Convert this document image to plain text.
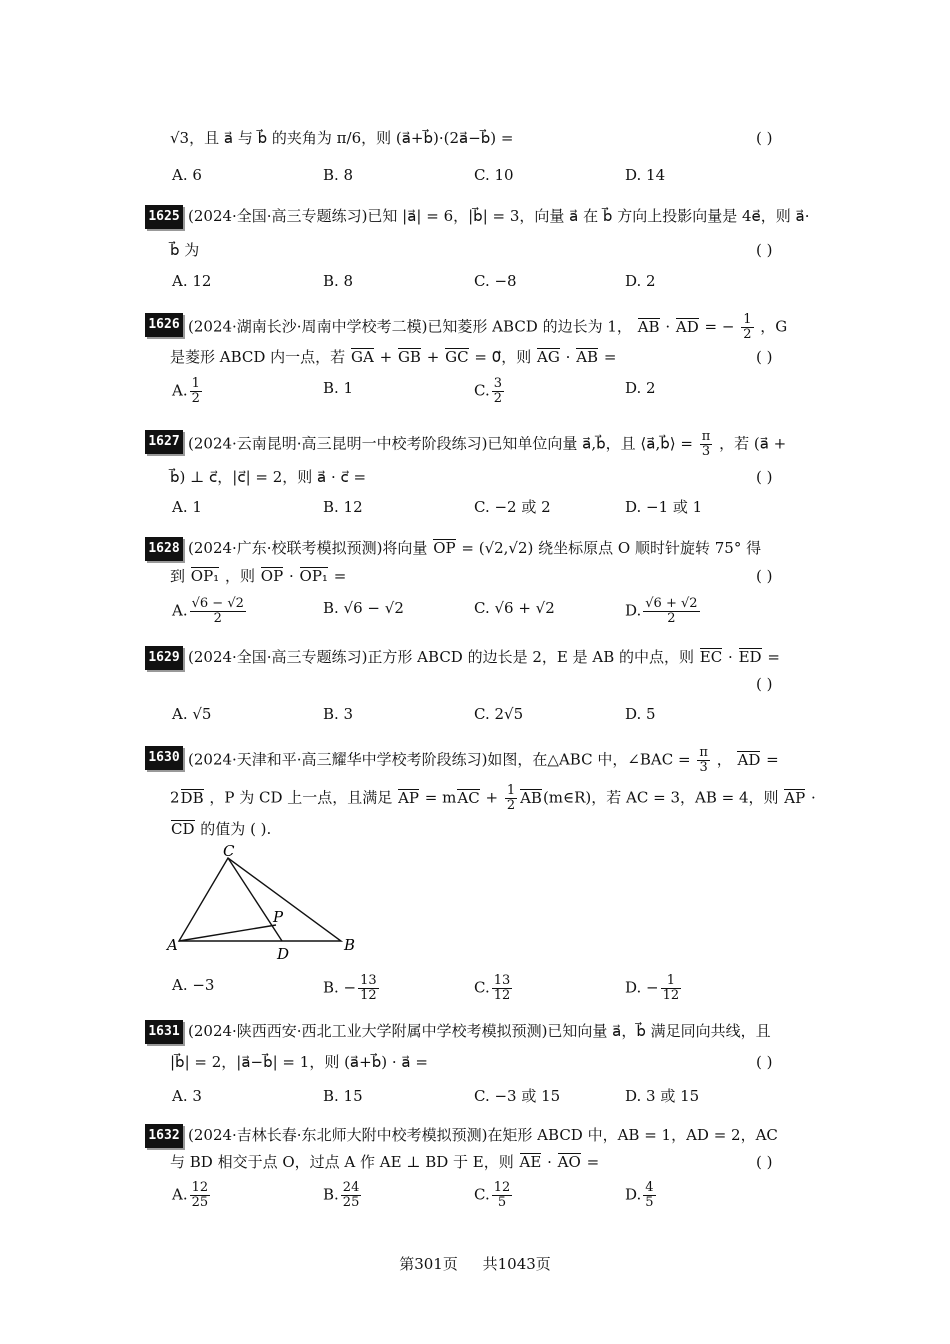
√3，且 a⃗ 与 b⃗ 的夹角为 π/6，则 (a⃗+b⃗)·(2a⃗−b⃗) =	( )
A. 6	B. 8	C. 10	D. 14
1625 (2024·全国·高三专题练习)已知 |a⃗| = 6，|b⃗| = 3，向量 a⃗ 在 b⃗ 方向上投影向量是 4e⃗，则 a⃗·
b⃗ 为	( )
A. 12	B. 8	C. −8	D. 2
1626 (2024·湖南长沙·周南中学校考二模)已知菱形 ABCD 的边长为 1， AB · AD = − $\frac{1}{2}$ ，G
是菱形 ABCD 内一点，若 GA + GB + GC = 0⃗，则 AG · AB =	( )
A. $\frac{1}{2}$	B. 1	C. $\frac{3}{2}$	D. 2
1627 (2024·云南昆明·高三昆明一中校考阶段练习)已知单位向量 a⃗,b⃗，且 ⟨a⃗,b⃗⟩ = $\frac{\pi}{3}$ ，若 (a⃗ +
b⃗) ⊥ c⃗，|c⃗| = 2，则 a⃗ · c⃗ =	( )
A. 1	B. 12	C. −2 或 2	D. −1 或 1
1628 (2024·广东·校联考模拟预测)将向量 OP = (√2,√2) 绕坐标原点 O 顺时针旋转 75° 得
到 OP₁ ，则 OP · OP₁ =	( )
A. $\frac{√6 - √2}{2}$	B. √6 − √2	C. √6 + √2	D. $\frac{√6 + √2}{2}$
1629 (2024·全国·高三专题练习)正方形 ABCD 的边长是 2，E 是 AB 的中点，则 EC · ED =
( )
A. √5	B. 3	C. 2√5	D. 5
1630 (2024·天津和平·高三耀华中学校考阶段练习)如图，在△ABC 中，∠BAC = $\frac{\pi}{3}$ ， AD =
2DB ，P 为 CD 上一点，且满足 AP = mAC + $\frac{1}{2}$ AB(m∈R)，若 AC = 3，AB = 4，则 AP ·
CD 的值为 ( ).
C
P
A	D	B
A. −3	B. − $\frac{13}{12}$	C. $\frac{13}{12}$	D. − $\frac{1}{12}$
1631 (2024·陕西西安·西北工业大学附属中学校考模拟预测)已知向量 a⃗，b⃗ 满足同向共线，且
|b⃗| = 2，|a⃗−b⃗| = 1，则 (a⃗+b⃗) · a⃗ =	( )
A. 3	B. 15	C. −3 或 15	D. 3 或 15
1632 (2024·吉林长春·东北师大附中校考模拟预测)在矩形 ABCD 中，AB = 1，AD = 2，AC
与 BD 相交于点 O，过点 A 作 AE ⊥ BD 于 E，则 AE · AO =	( )
A. $\frac{12}{25}$	B. $\frac{24}{25}$	C. $\frac{12}{5}$	D. $\frac{4}{5}$
第301页 共1043页
